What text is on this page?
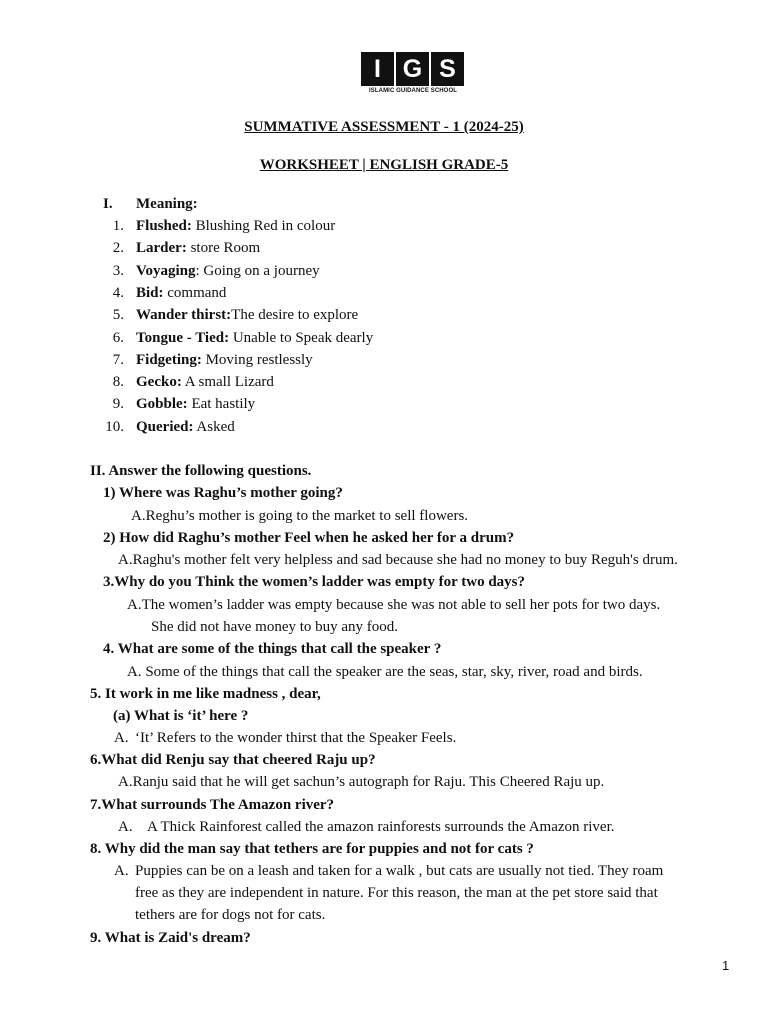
I G S
ISLAMIC GUIDANCE SCHOOL
SUMMATIVE ASSESSMENT - 1 (2024-25)
WORKSHEET | ENGLISH GRADE-5
I. Meaning:
1. Flushed: Blushing Red in colour
2. Larder: store Room
3. Voyaging: Going on a journey
4. Bid: command
5. Wander thirst:The desire to explore
6. Tongue - Tied: Unable to Speak dearly
7. Fidgeting: Moving restlessly
8. Gecko: A small Lizard
9. Gobble: Eat hastily
10. Queried: Asked
II. Answer the following questions.
1) Where was Raghu’s mother going?
A.Reghu’s mother is going to the market to sell flowers.
2) How did Raghu’s mother Feel when he asked her for a drum?
A.Raghu's mother felt very helpless and sad because she had no money to buy Reguh's drum.
3.Why do you Think the women’s ladder was empty for two days?
A.The women’s ladder was empty because she was not able to sell her pots for two days.
She did not have money to buy any food.
4. What are some of the things that call the speaker ?
A. Some of the things that call the speaker are the seas, star, sky, river, road and birds.
5. It work in me like madness , dear,
(a) What is ‘it’ here ?
A. ‘It’ Refers to the wonder thirst that the Speaker Feels.
6.What did Renju say that cheered Raju up?
A.Ranju said that he will get sachun’s autograph for Raju. This Cheered Raju up.
7.What surrounds The Amazon river?
A. A Thick Rainforest called the amazon rainforests surrounds the Amazon river.
8. Why did the man say that tethers are for puppies and not for cats ?
A. Puppies can be on a leash and taken for a walk , but cats are usually not tied. They roam
free as they are independent in nature. For this reason, the man at the pet store said that
tethers are for dogs not for cats.
9. What is Zaid's dream?
1
